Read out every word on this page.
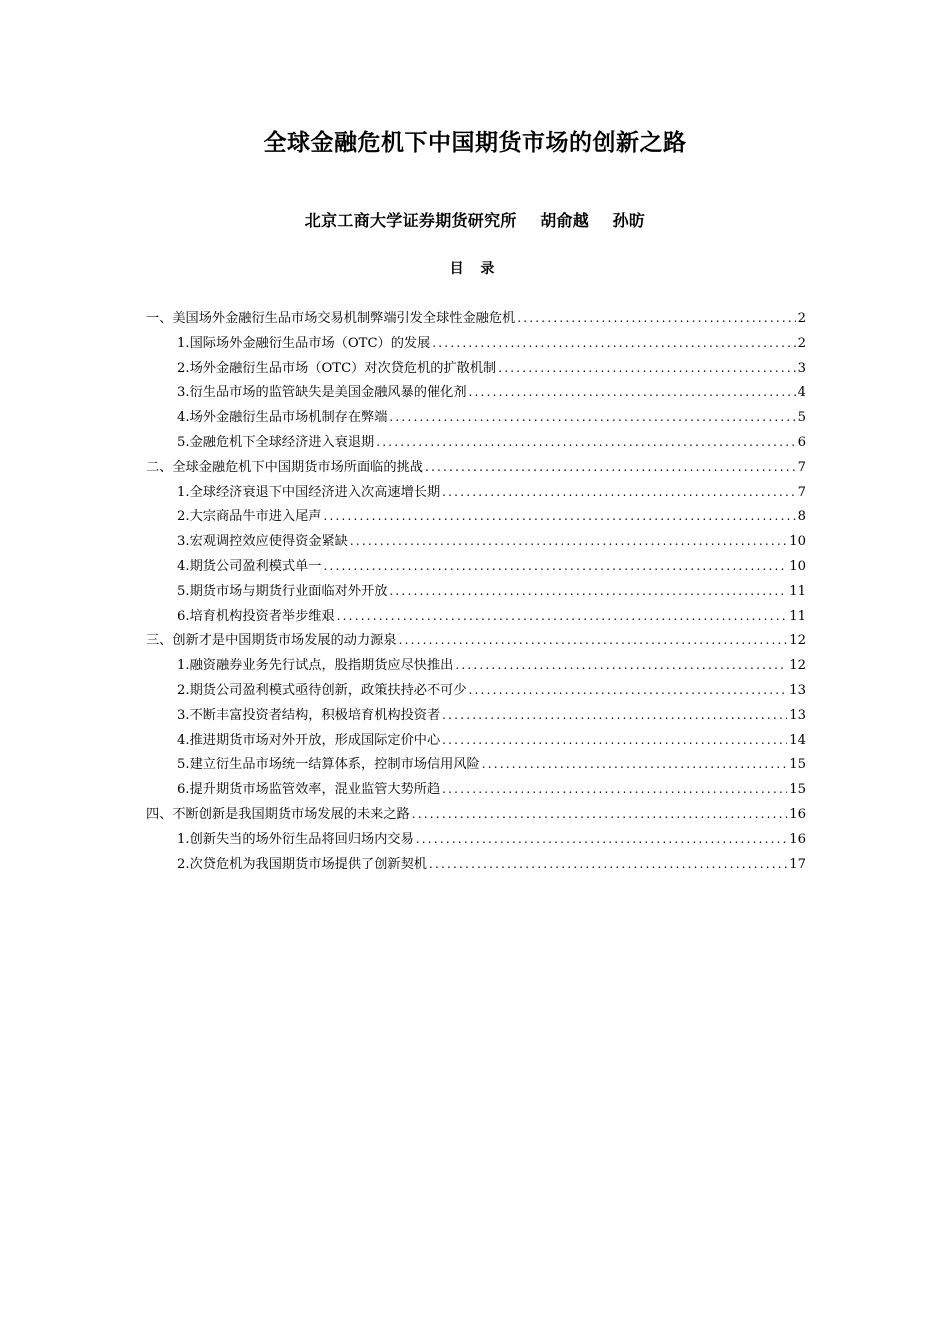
全球金融危机下中国期货市场的创新之路
北京工商大学证券期货研究所 胡俞越 孙昉
目 录
一、美国场外金融衍生品市场交易机制弊端引发全球性金融危机 .....	2
1.国际场外金融衍生品市场（OTC）的发展 .....	2
2.场外金融衍生品市场（OTC）对次贷危机的扩散机制 .....	3
3.衍生品市场的监管缺失是美国金融风暴的催化剂 .....	4
4.场外金融衍生品市场机制存在弊端 .....	5
5.金融危机下全球经济进入衰退期 .....	6
二、全球金融危机下中国期货市场所面临的挑战 .....	7
1.全球经济衰退下中国经济进入次高速增长期 .....	7
2.大宗商品牛市进入尾声 .....	8
3.宏观调控效应使得资金紧缺 .....	10
4.期货公司盈利模式单一 .....	10
5.期货市场与期货行业面临对外开放 .....	11
6.培育机构投资者举步维艰 .....	11
三、创新才是中国期货市场发展的动力源泉 .....	12
1.融资融券业务先行试点，股指期货应尽快推出 .....	12
2.期货公司盈利模式亟待创新，政策扶持必不可少 .....	13
3.不断丰富投资者结构，积极培育机构投资者 .....	13
4.推进期货市场对外开放，形成国际定价中心 .....	14
5.建立衍生品市场统一结算体系，控制市场信用风险 .....	15
6.提升期货市场监管效率，混业监管大势所趋 .....	15
四、不断创新是我国期货市场发展的未来之路 .....	16
1.创新失当的场外衍生品将回归场内交易 .....	16
2.次贷危机为我国期货市场提供了创新契机 .....	17
